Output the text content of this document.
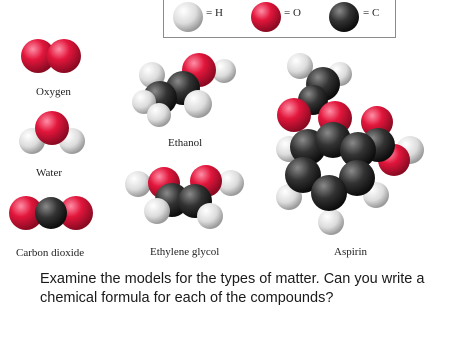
= H	= O	= C
Oxygen
Water
Carbon dioxide
Ethanol
Ethylene glycol	Aspirin

Examine the models for the types of matter. Can you write a chemical formula for each of the compounds?
